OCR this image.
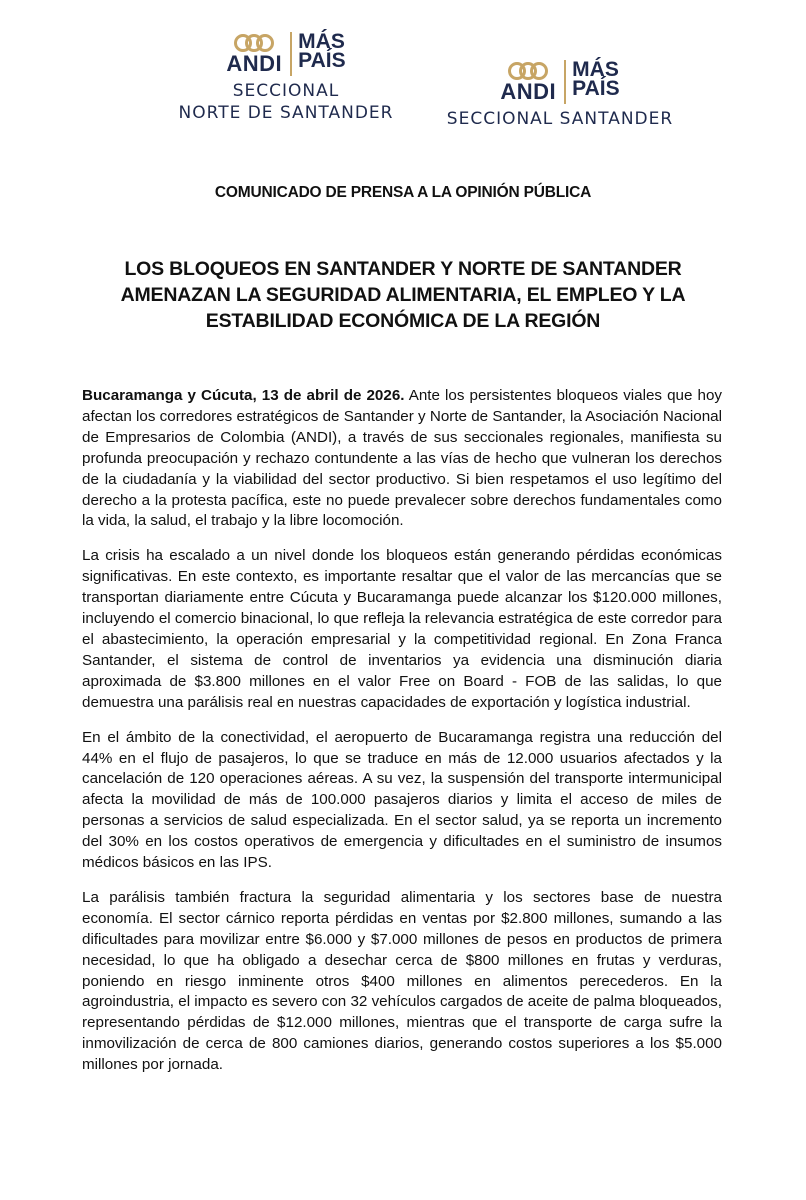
ANDI
MÁS
PAÍS
SECCIONAL
NORTE DE SANTANDER
ANDI
MÁS
PAÍS
SECCIONAL SANTANDER
COMUNICADO DE PRENSA A LA OPINIÓN PÚBLICA
LOS BLOQUEOS EN SANTANDER Y NORTE DE SANTANDER
AMENAZAN LA SEGURIDAD ALIMENTARIA, EL EMPLEO Y LA
ESTABILIDAD ECONÓMICA DE LA REGIÓN

Bucaramanga y Cúcuta, 13 de abril de 2026. Ante los persistentes bloqueos viales que hoy afectan los corredores estratégicos de Santander y Norte de Santander, la Asociación Nacional de Empresarios de Colombia (ANDI), a través de sus seccionales regionales, manifiesta su profunda preocupación y rechazo contundente a las vías de hecho que vulneran los derechos de la ciudadanía y la viabilidad del sector productivo. Si bien respetamos el uso legítimo del derecho a la protesta pacífica, este no puede prevalecer sobre derechos fundamentales como la vida, la salud, el trabajo y la libre locomoción.

La crisis ha escalado a un nivel donde los bloqueos están generando pérdidas económicas significativas. En este contexto, es importante resaltar que el valor de las mercancías que se transportan diariamente entre Cúcuta y Bucaramanga puede alcanzar los $120.000 millones, incluyendo el comercio binacional, lo que refleja la relevancia estratégica de este corredor para el abastecimiento, la operación empresarial y la competitividad regional. En Zona Franca Santander, el sistema de control de inventarios ya evidencia una disminución diaria aproximada de $3.800 millones en el valor Free on Board - FOB de las salidas, lo que demuestra una parálisis real en nuestras capacidades de exportación y logística industrial.

En el ámbito de la conectividad, el aeropuerto de Bucaramanga registra una reducción del 44% en el flujo de pasajeros, lo que se traduce en más de 12.000 usuarios afectados y la cancelación de 120 operaciones aéreas. A su vez, la suspensión del transporte intermunicipal afecta la movilidad de más de 100.000 pasajeros diarios y limita el acceso de miles de personas a servicios de salud especializada. En el sector salud, ya se reporta un incremento del 30% en los costos operativos de emergencia y dificultades en el suministro de insumos médicos básicos en las IPS.

La parálisis también fractura la seguridad alimentaria y los sectores base de nuestra economía. El sector cárnico reporta pérdidas en ventas por $2.800 millones, sumando a las dificultades para movilizar entre $6.000 y $7.000 millones de pesos en productos de primera necesidad, lo que ha obligado a desechar cerca de $800 millones en frutas y verduras, poniendo en riesgo inminente otros $400 millones en alimentos perecederos. En la agroindustria, el impacto es severo con 32 vehículos cargados de aceite de palma bloqueados, representando pérdidas de $12.000 millones, mientras que el transporte de carga sufre la inmovilización de cerca de 800 camiones diarios, generando costos superiores a los $5.000 millones por jornada.
